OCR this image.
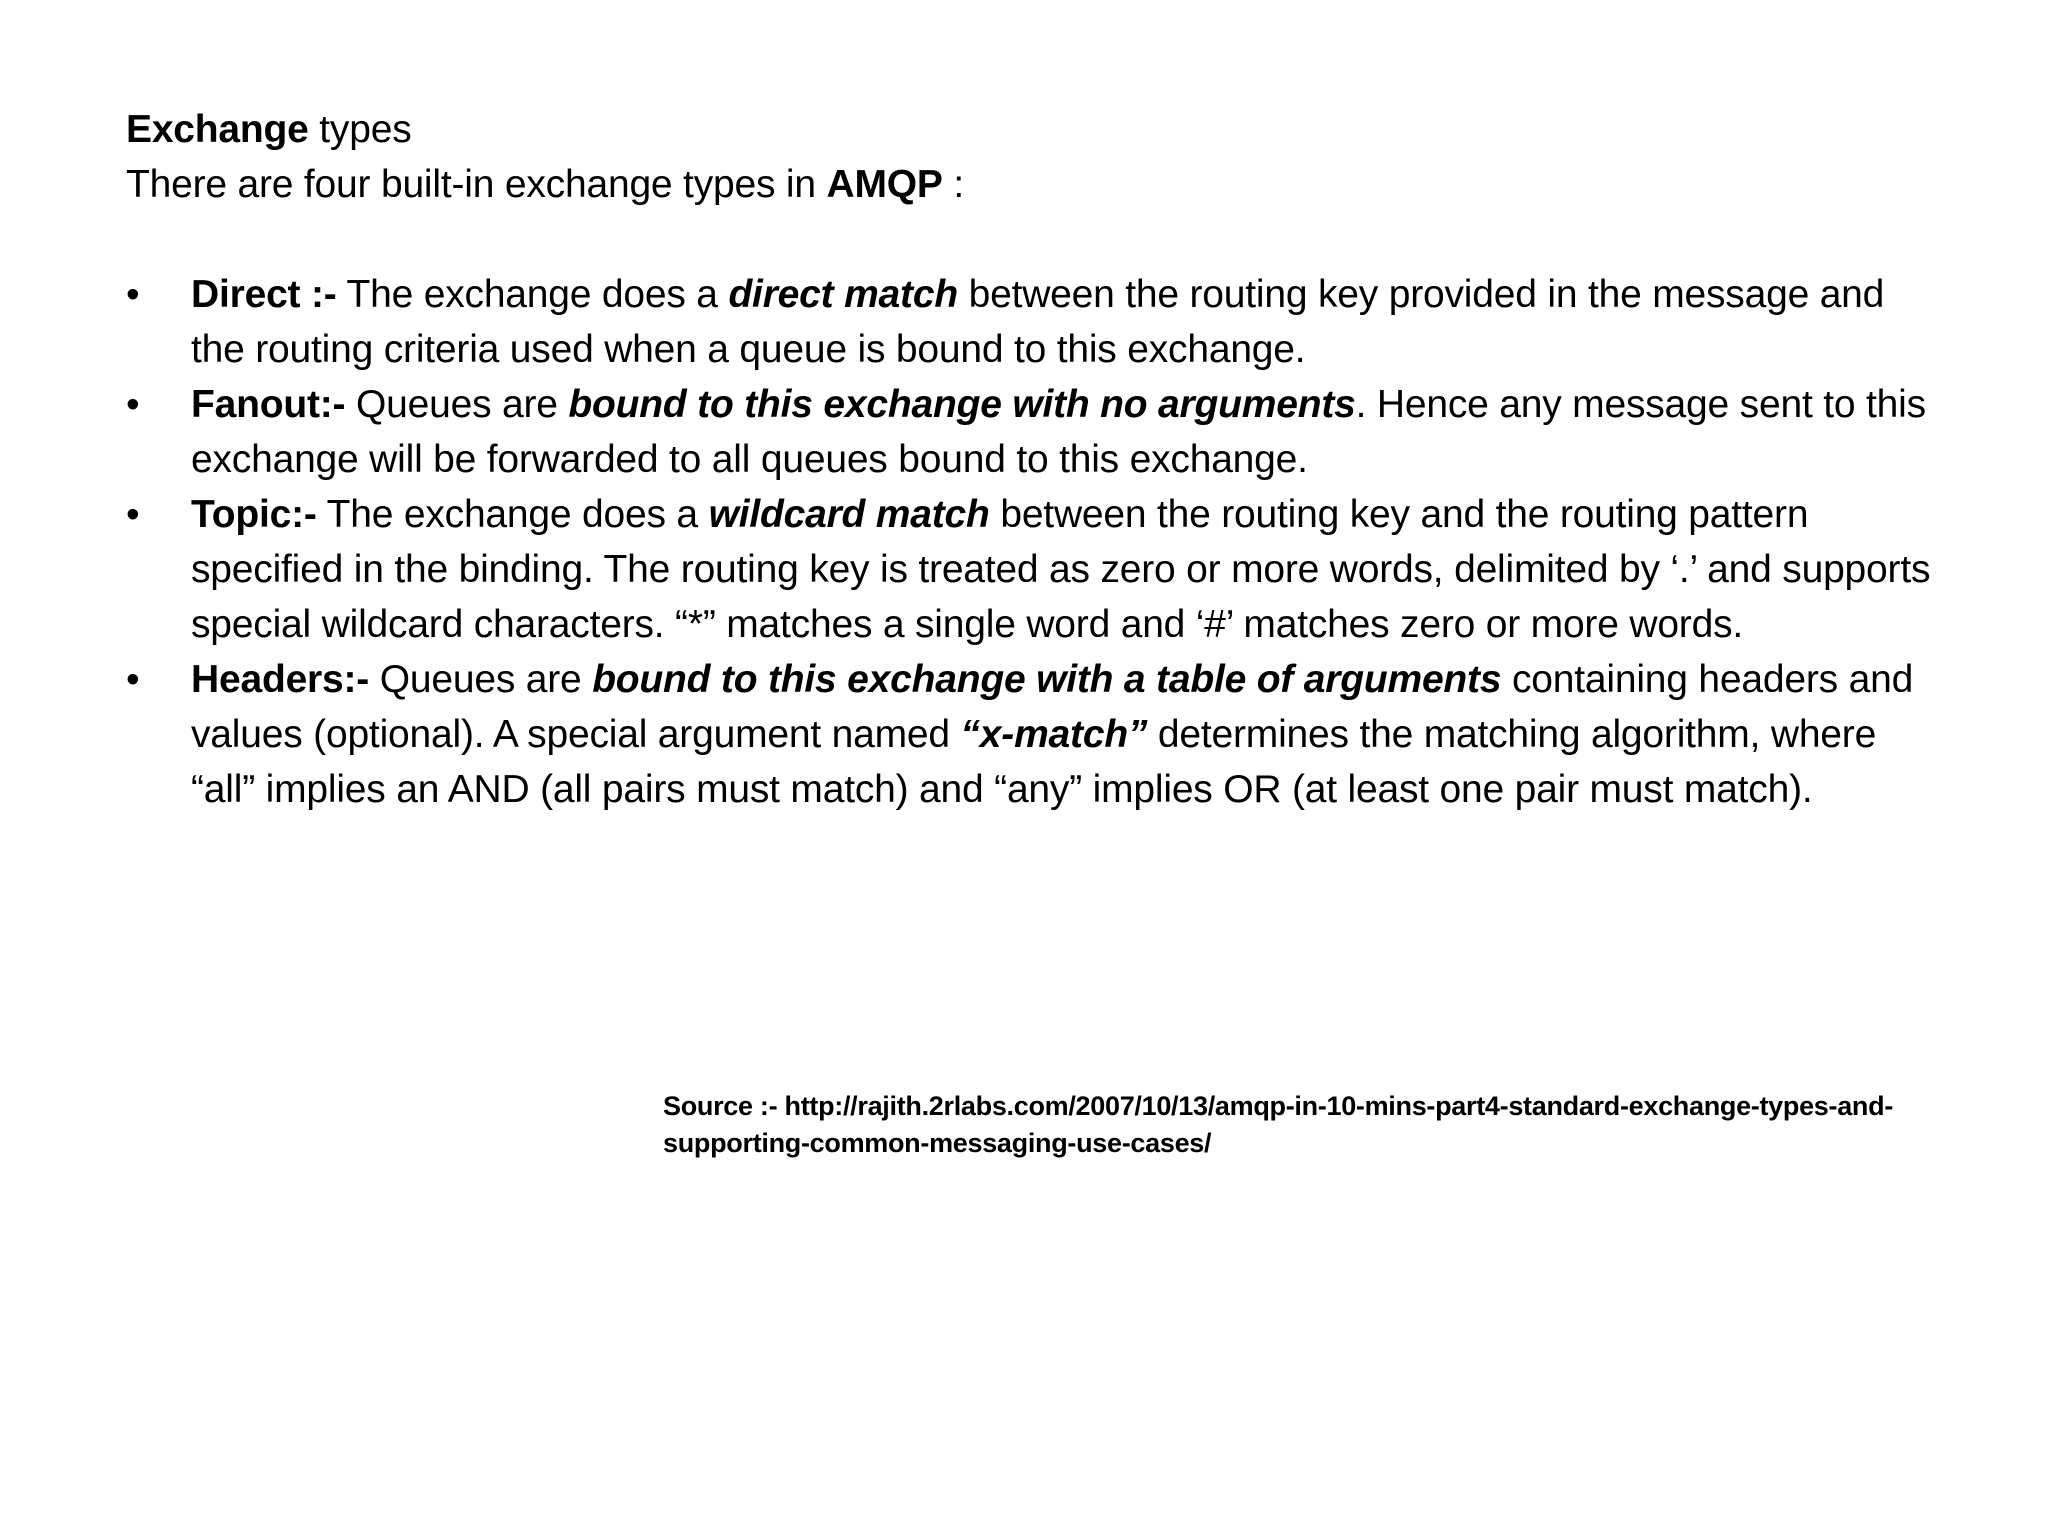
Exchange types

There are four built-in exchange types in AMQP :

•	Direct :- The exchange does a direct match between the routing key provided in the message and the routing criteria used when a queue is bound to this exchange.
•	Fanout:- Queues are bound to this exchange with no arguments. Hence any message sent to this exchange will be forwarded to all queues bound to this exchange.
•	Topic:- The exchange does a wildcard match between the routing key and the routing pattern specified in the binding. The routing key is treated as zero or more words, delimited by ‘.’ and supports special wildcard characters. “*” matches a single word and ‘#’ matches zero or more words.
•	Headers:- Queues are bound to this exchange with a table of arguments containing headers and values (optional). A special argument named “x-match” determines the matching algorithm, where “all” implies an AND (all pairs must match) and “any” implies OR (at least one pair must match).
Source :- http://rajith.2rlabs.com/2007/10/13/amqp-in-10-mins-part4-standard-exchange-types-and-
supporting-common-messaging-use-cases/
